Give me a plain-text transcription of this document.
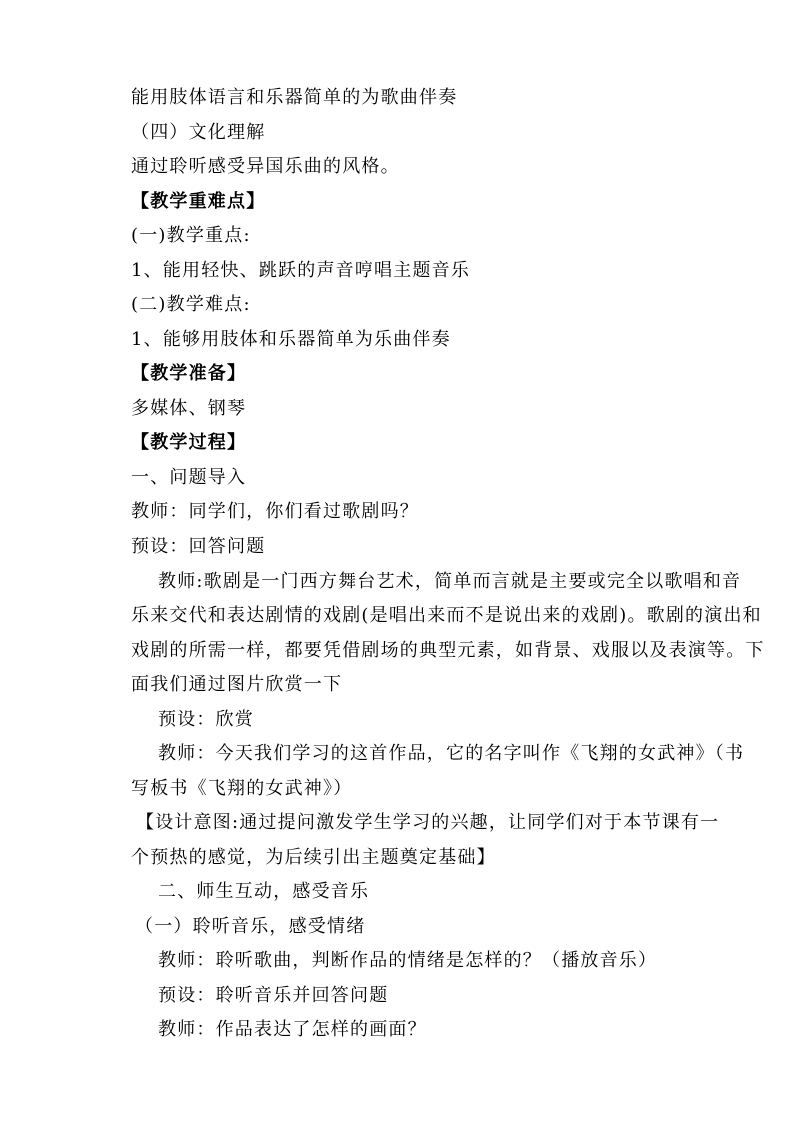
能用肢体语言和乐器简单的为歌曲伴奏
（四）文化理解
通过聆听感受异国乐曲的风格。
【教学重难点】
(一)教学重点:
1、能用轻快、跳跃的声音哼唱主题音乐
(二)教学难点:
1、能够用肢体和乐器简单为乐曲伴奏
【教学准备】
多媒体、钢琴
【教学过程】
一、问题导入
教师：同学们，你们看过歌剧吗？
预设：回答问题
教师:歌剧是一门西方舞台艺术，简单而言就是主要或完全以歌唱和音
乐来交代和表达剧情的戏剧(是唱出来而不是说出来的戏剧)。歌剧的演出和
戏剧的所需一样，都要凭借剧场的典型元素，如背景、戏服以及表演等。下
面我们通过图片欣赏一下
预设：欣赏
教师：今天我们学习的这首作品，它的名字叫作《飞翔的女武神》（书
写板书《飞翔的女武神》）
【设计意图:通过提问激发学生学习的兴趣，让同学们对于本节课有一
个预热的感觉，为后续引出主题奠定基础】
二、师生互动，感受音乐
（一）聆听音乐，感受情绪
教师：聆听歌曲，判断作品的情绪是怎样的？（播放音乐）
预设：聆听音乐并回答问题
教师：作品表达了怎样的画面？
